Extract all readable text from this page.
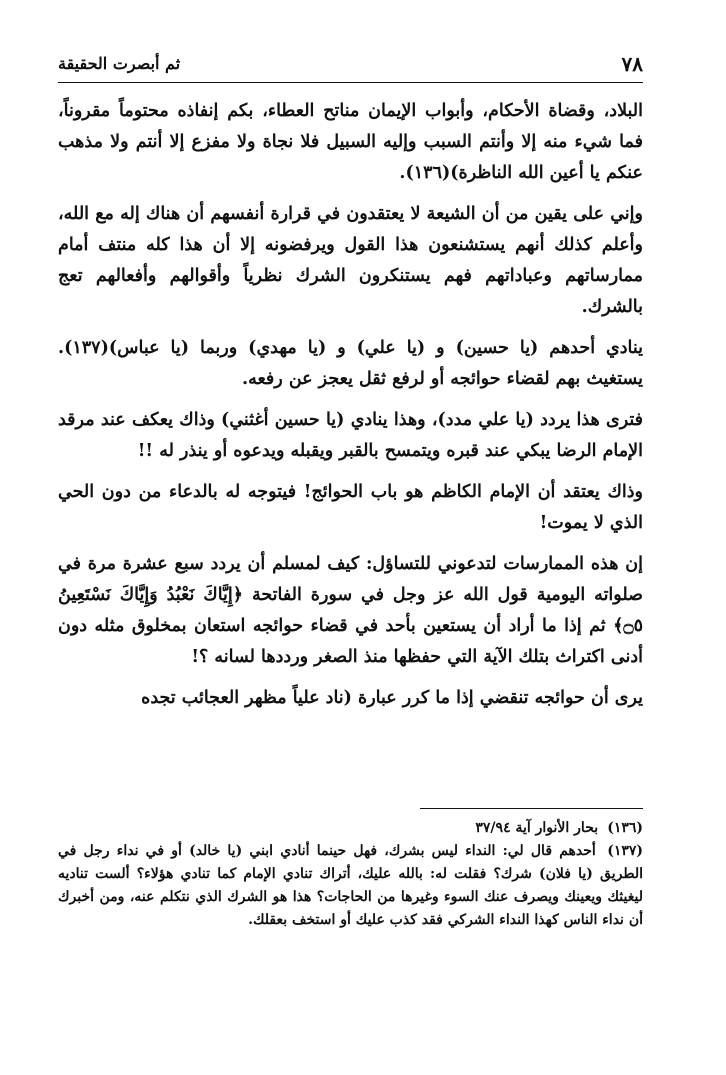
٧٨
ثم أبصرت الحقيقة

البلاد، وقضاة الأحكام، وأبواب الإيمان مناتح العطاء، بكم إنفاذه محتوماً مقروناً، فما شيء منه إلا وأنتم السبب وإليه السبيل فلا نجاة ولا مفزع إلا أنتم ولا مذهب عنكم يا أعين الله الناظرة)(١٣٦).

وإني على يقين من أن الشيعة لا يعتقدون في قرارة أنفسهم أن هناك إله مع الله، وأعلم كذلك أنهم يستشنعون هذا القول ويرفضونه إلا أن هذا كله منتف أمام ممارساتهم وعباداتهم فهم يستنكرون الشرك نظرياً وأقوالهم وأفعالهم تعج بالشرك.

ينادي أحدهم (يا حسين) و (يا علي) و (يا مهدي) وربما (يا عباس)(١٣٧). يستغيث بهم لقضاء حوائجه أو لرفع ثقل يعجز عن رفعه.

فترى هذا يردد (يا علي مدد)، وهذا ينادي (يا حسين أغثني) وذاك يعكف عند مرقد الإمام الرضا يبكي عند قبره ويتمسح بالقبر ويقبله ويدعوه أو ينذر له !!

وذاك يعتقد أن الإمام الكاظم هو باب الحوائج! فيتوجه له بالدعاء من دون الحي الذي لا يموت!

إن هذه الممارسات لتدعوني للتساؤل: كيف لمسلم أن يردد سبع عشرة مرة في صلواته اليومية قول الله عز وجل في سورة الفاتحة ﴿إِيَّاكَ نَعْبُدُ وَإِيَّاكَ نَسْتَعِينُ ۝٥﴾ ثم إذا ما أراد أن يستعين بأحد في قضاء حوائجه استعان بمخلوق مثله دون أدنى اكتراث بتلك الآية التي حفظها منذ الصغر ورددها لسانه ؟!

يرى أن حوائجه تنقضي إذا ما كرر عبارة (ناد علياً مظهر العجائب تجده

(١٣٦) بحار الأنوار آية ٣٧/٩٤

(١٣٧) أحدهم قال لي: النداء ليس بشرك، فهل حينما أنادي ابني (يا خالد) أو في نداء رجل في الطريق (يا فلان) شرك؟ فقلت له: بالله عليك، أتراك تنادي الإمام كما تنادي هؤلاء؟ ألست تناديه ليغيثك ويعينك ويصرف عنك السوء وغيرها من الحاجات؟ هذا هو الشرك الذي نتكلم عنه، ومن أخبرك أن نداء الناس كهذا النداء الشركي فقد كذب عليك أو استخف بعقلك.
